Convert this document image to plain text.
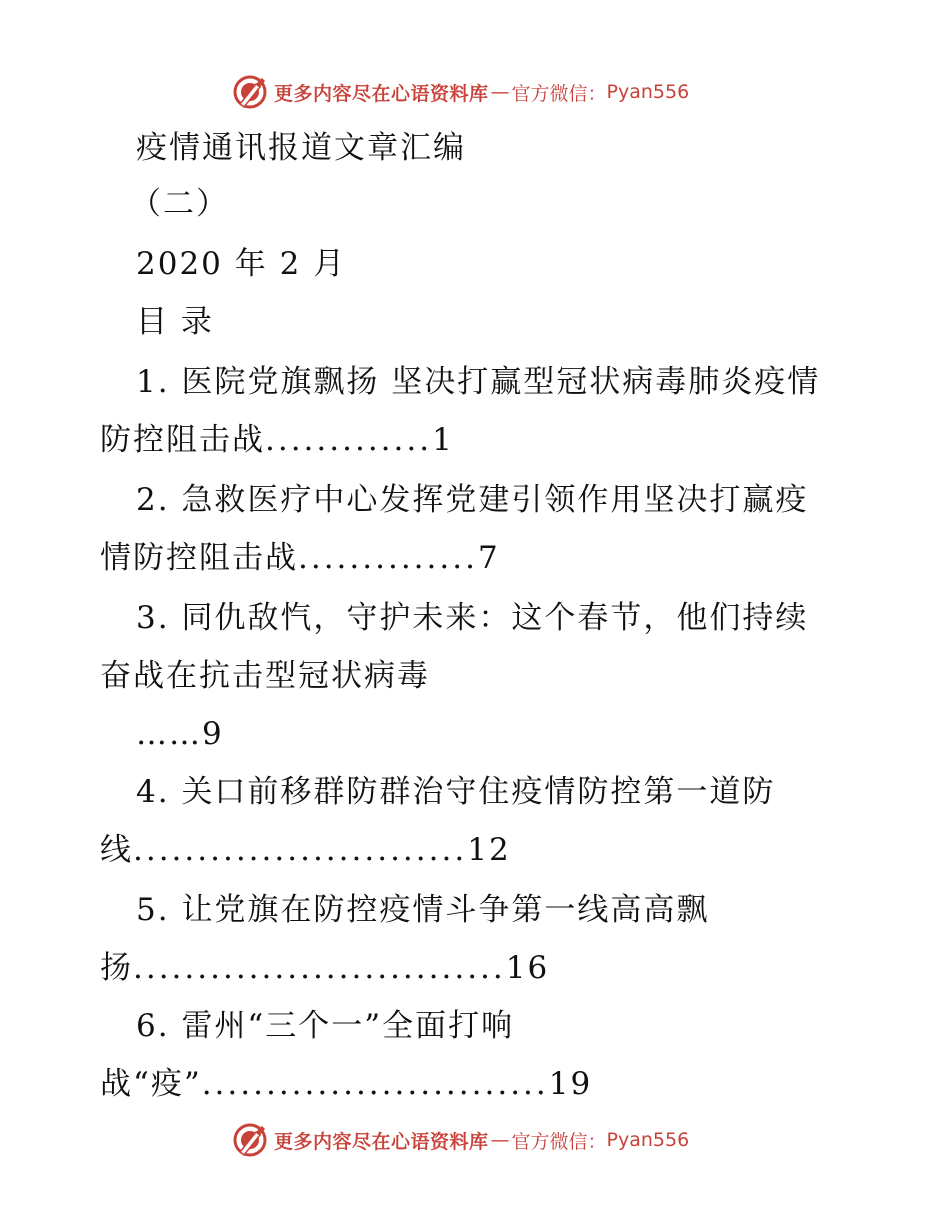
更多内容尽在心语资料库 — 官方微信： Pyan556
疫情通讯报道文章汇编
（二）
2020 年 2 月
目 录
1. 医院党旗飘扬 坚决打赢型冠状病毒肺炎疫情
防控阻击战.............1
2. 急救医疗中心发挥党建引领作用坚决打赢疫
情防控阻击战..............7
3. 同仇敌忾，守护未来：这个春节，他们持续
奋战在抗击型冠状病毒
……9
4. 关口前移群防群治守住疫情防控第一道防
线..........................12
5. 让党旗在防控疫情斗争第一线高高飘
扬.............................16
6. 雷州“三个一”全面打响
战“疫”...........................19
更多内容尽在心语资料库 — 官方微信： Pyan556
